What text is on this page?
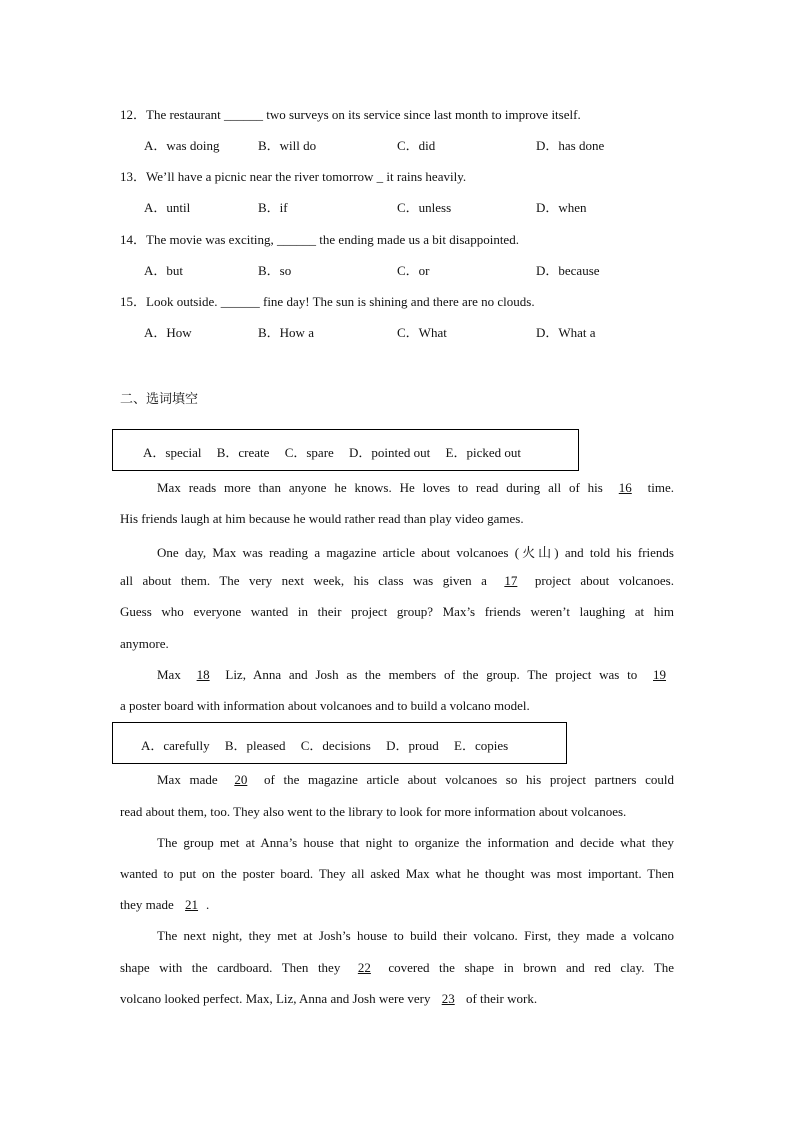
12．The restaurant ______ two surveys on its service since last month to improve itself.
A．was doing	B．will do	C．did	D．has done
13．We’ll have a picnic near the river tomorrow _ it rains heavily.
A．until	B．if	C．unless	D．when
14．The movie was exciting, ______ the ending made us a bit disappointed.
A．but	B．so	C．or	D．because
15．Look outside. ______ fine day! The sun is shining and there are no clouds.
A．How	B．How a	C．What	D．What a
二、选词填空
A．special B．create C．spare D．pointed out E．picked out
Max reads more than anyone he knows. He loves to read during all of his 16 time.
His friends laugh at him because he would rather read than play video games.
One day, Max was reading a magazine article about volcanoes (火山) and told his friends
all about them. The very next week, his class was given a 17 project about volcanoes.
Guess who everyone wanted in their project group? Max’s friends weren’t laughing at him
anymore.
Max 18 Liz, Anna and Josh as the members of the group. The project was to 19
a poster board with information about volcanoes and to build a volcano model.
A．carefully B．pleased C．decisions D．proud E．copies
Max made 20 of the magazine article about volcanoes so his project partners could
read about them, too. They also went to the library to look for more information about volcanoes.
The group met at Anna’s house that night to organize the information and decide what they
wanted to put on the poster board. They all asked Max what he thought was most important. Then
they made 21 .
The next night, they met at Josh’s house to build their volcano. First, they made a volcano
shape with the cardboard. Then they 22 covered the shape in brown and red clay. The
volcano looked perfect. Max, Liz, Anna and Josh were very 23 of their work.
